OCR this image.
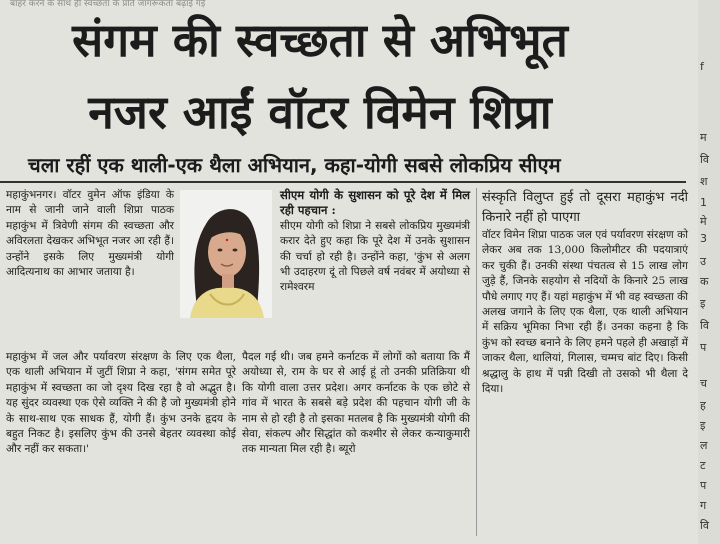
बाहर करने के साथ ही स्वच्छता के प्रति जागरूकता बढ़ाई गई
संगम की स्वच्छता से अभिभूत
नजर आईं वॉटर विमेन शिप्रा
चला रहीं एक थाली-एक थैला अभियान, कहा-योगी सबसे लोकप्रिय सीएम

महाकुंभनगर। वॉटर वुमेन ऑफ इंडिया के नाम से जानी जाने वाली शिप्रा पाठक महाकुंभ में त्रिवेणी संगम की स्वच्छता और अविरलता देखकर अभिभूत नजर आ रही हैं। उन्होंने इसके लिए मुख्यमंत्री योगी आदित्यनाथ का आभार जताया है।

सीएम योगी के सुशासन को पूरे देश में मिल रही पहचान :

सीएम योगी को शिप्रा ने सबसे लोकप्रिय मुख्यमंत्री करार देते हुए कहा कि पूरे देश में उनके सुशासन की चर्चा हो रही है। उन्होंने कहा, 'कुंभ से अलग भी उदाहरण दूं तो पिछले वर्ष नवंबर में अयोध्या से रामेश्वरम

महाकुंभ में जल और पर्यावरण संरक्षण के लिए एक थैला, एक थाली अभियान में जुटीं शिप्रा ने कहा, 'संगम समेत पूरे महाकुंभ में स्वच्छता का जो दृश्य दिख रहा है वो अद्भुत है। यह सुंदर व्यवस्था एक ऐसे व्यक्ति ने की है जो मुख्यमंत्री होने के साथ-साथ एक साधक हैं, योगी हैं। कुंभ उनके हृदय के बहुत निकट है। इसलिए कुंभ की उनसे बेहतर व्यवस्था कोई और नहीं कर सकता।'
पैदल गई थी। जब हमने कर्नाटक में लोगों को बताया कि मैं अयोध्या से, राम के घर से आई हूं तो उनकी प्रतिक्रिया थी कि योगी वाला उत्तर प्रदेश। अगर कर्नाटक के एक छोटे से गांव में भारत के सबसे बड़े प्रदेश की पहचान योगी जी के नाम से हो रही है तो इसका मतलब है कि मुख्यमंत्री योगी की सेवा, संकल्प और सिद्धांत को कश्मीर से लेकर कन्याकुमारी तक मान्यता मिल रही है। ब्यूरो
संस्कृति विलुप्त हुई तो दूसरा महाकुंभ नदी किनारे नहीं हो पाएगा

वॉटर विमेन शिप्रा पाठक जल एवं पर्यावरण संरक्षण को लेकर अब तक 13,000 किलोमीटर की पदयात्राएं कर चुकी हैं। उनकी संस्था पंचतत्व से 15 लाख लोग जुड़े हैं, जिनके सहयोग से नदियों के किनारे 25 लाख पौधे लगाए गए हैं। यहां महाकुंभ में भी वह स्वच्छता की अलख जगाने के लिए एक थैला, एक थाली अभियान में सक्रिय भूमिका निभा रही हैं। उनका कहना है कि कुंभ को स्वच्छ बनाने के लिए हमने पहले ही अखाड़ों में जाकर थैला, थालियां, गिलास, चम्मच बांट दिए। किसी श्रद्धालु के हाथ में पन्नी दिखी तो उसको भी थैला दे दिया।

f
म
वि
श
1
मे
3
उ
क
इ
वि
प
च
ह
इ
ल
ट
प
ग
वि
